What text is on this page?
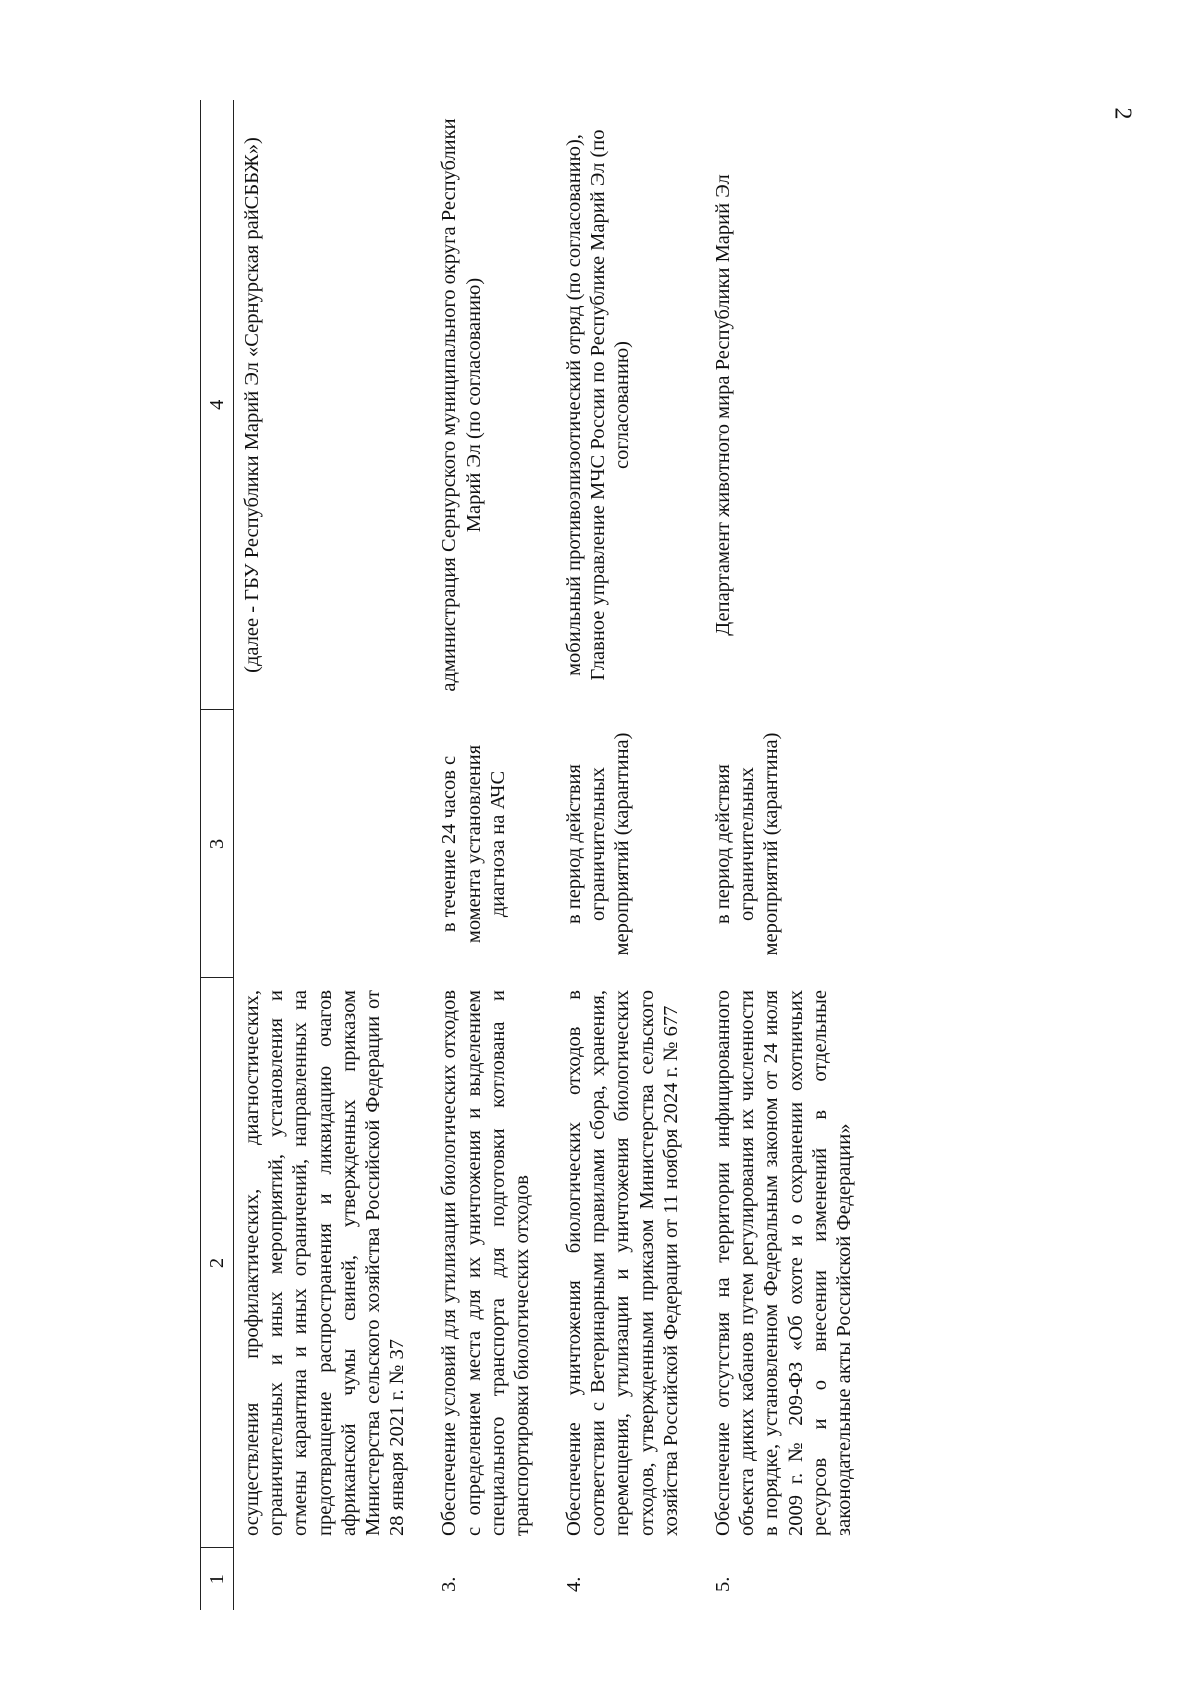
2
1	2	3	4
	осуществления профилактических, диагностических, ограничительных и иных мероприятий, установления и отмены карантина и иных ограничений, направленных на предотвращение распространения и ликвидацию очагов африканской чумы свиней, утвержденных приказом Министерства сельского хозяйства Российской Федерации от 28 января 2021 г. № 37		(далее - ГБУ Республики Марий Эл «Сернурская райСББЖ»)
3.	Обеспечение условий для утилизации биологических отходов с определением места для их уничтожения и выделением специального транспорта для подготовки котлована и транспортировки биологических отходов	в течение 24 часов с момента установления диагноза на АЧС	администрация Сернурского муниципального округа Республики Марий Эл (по согласованию)
4.	Обеспечение уничтожения биологических отходов в соответствии с Ветеринарными правилами сбора, хранения, перемещения, утилизации и уничтожения биологических отходов, утвержденными приказом Министерства сельского хозяйства Российской Федерации от 11 ноября 2024 г. № 677	в период действия ограничительных мероприятий (карантина)	мобильный противоэпизоотический отряд (по согласованию), Главное управление МЧС России по Республике Марий Эл (по согласованию)
5.	Обеспечение отсутствия на территории инфицированного объекта диких кабанов путем регулирования их численности в порядке, установленном Федеральным законом от 24 июля 2009 г. № 209-ФЗ «Об охоте и о сохранении охотничьих ресурсов и о внесении изменений в отдельные законодательные акты Российской Федерации»	в период действия ограничительных мероприятий (карантина)	Департамент животного мира Республики Марий Эл
